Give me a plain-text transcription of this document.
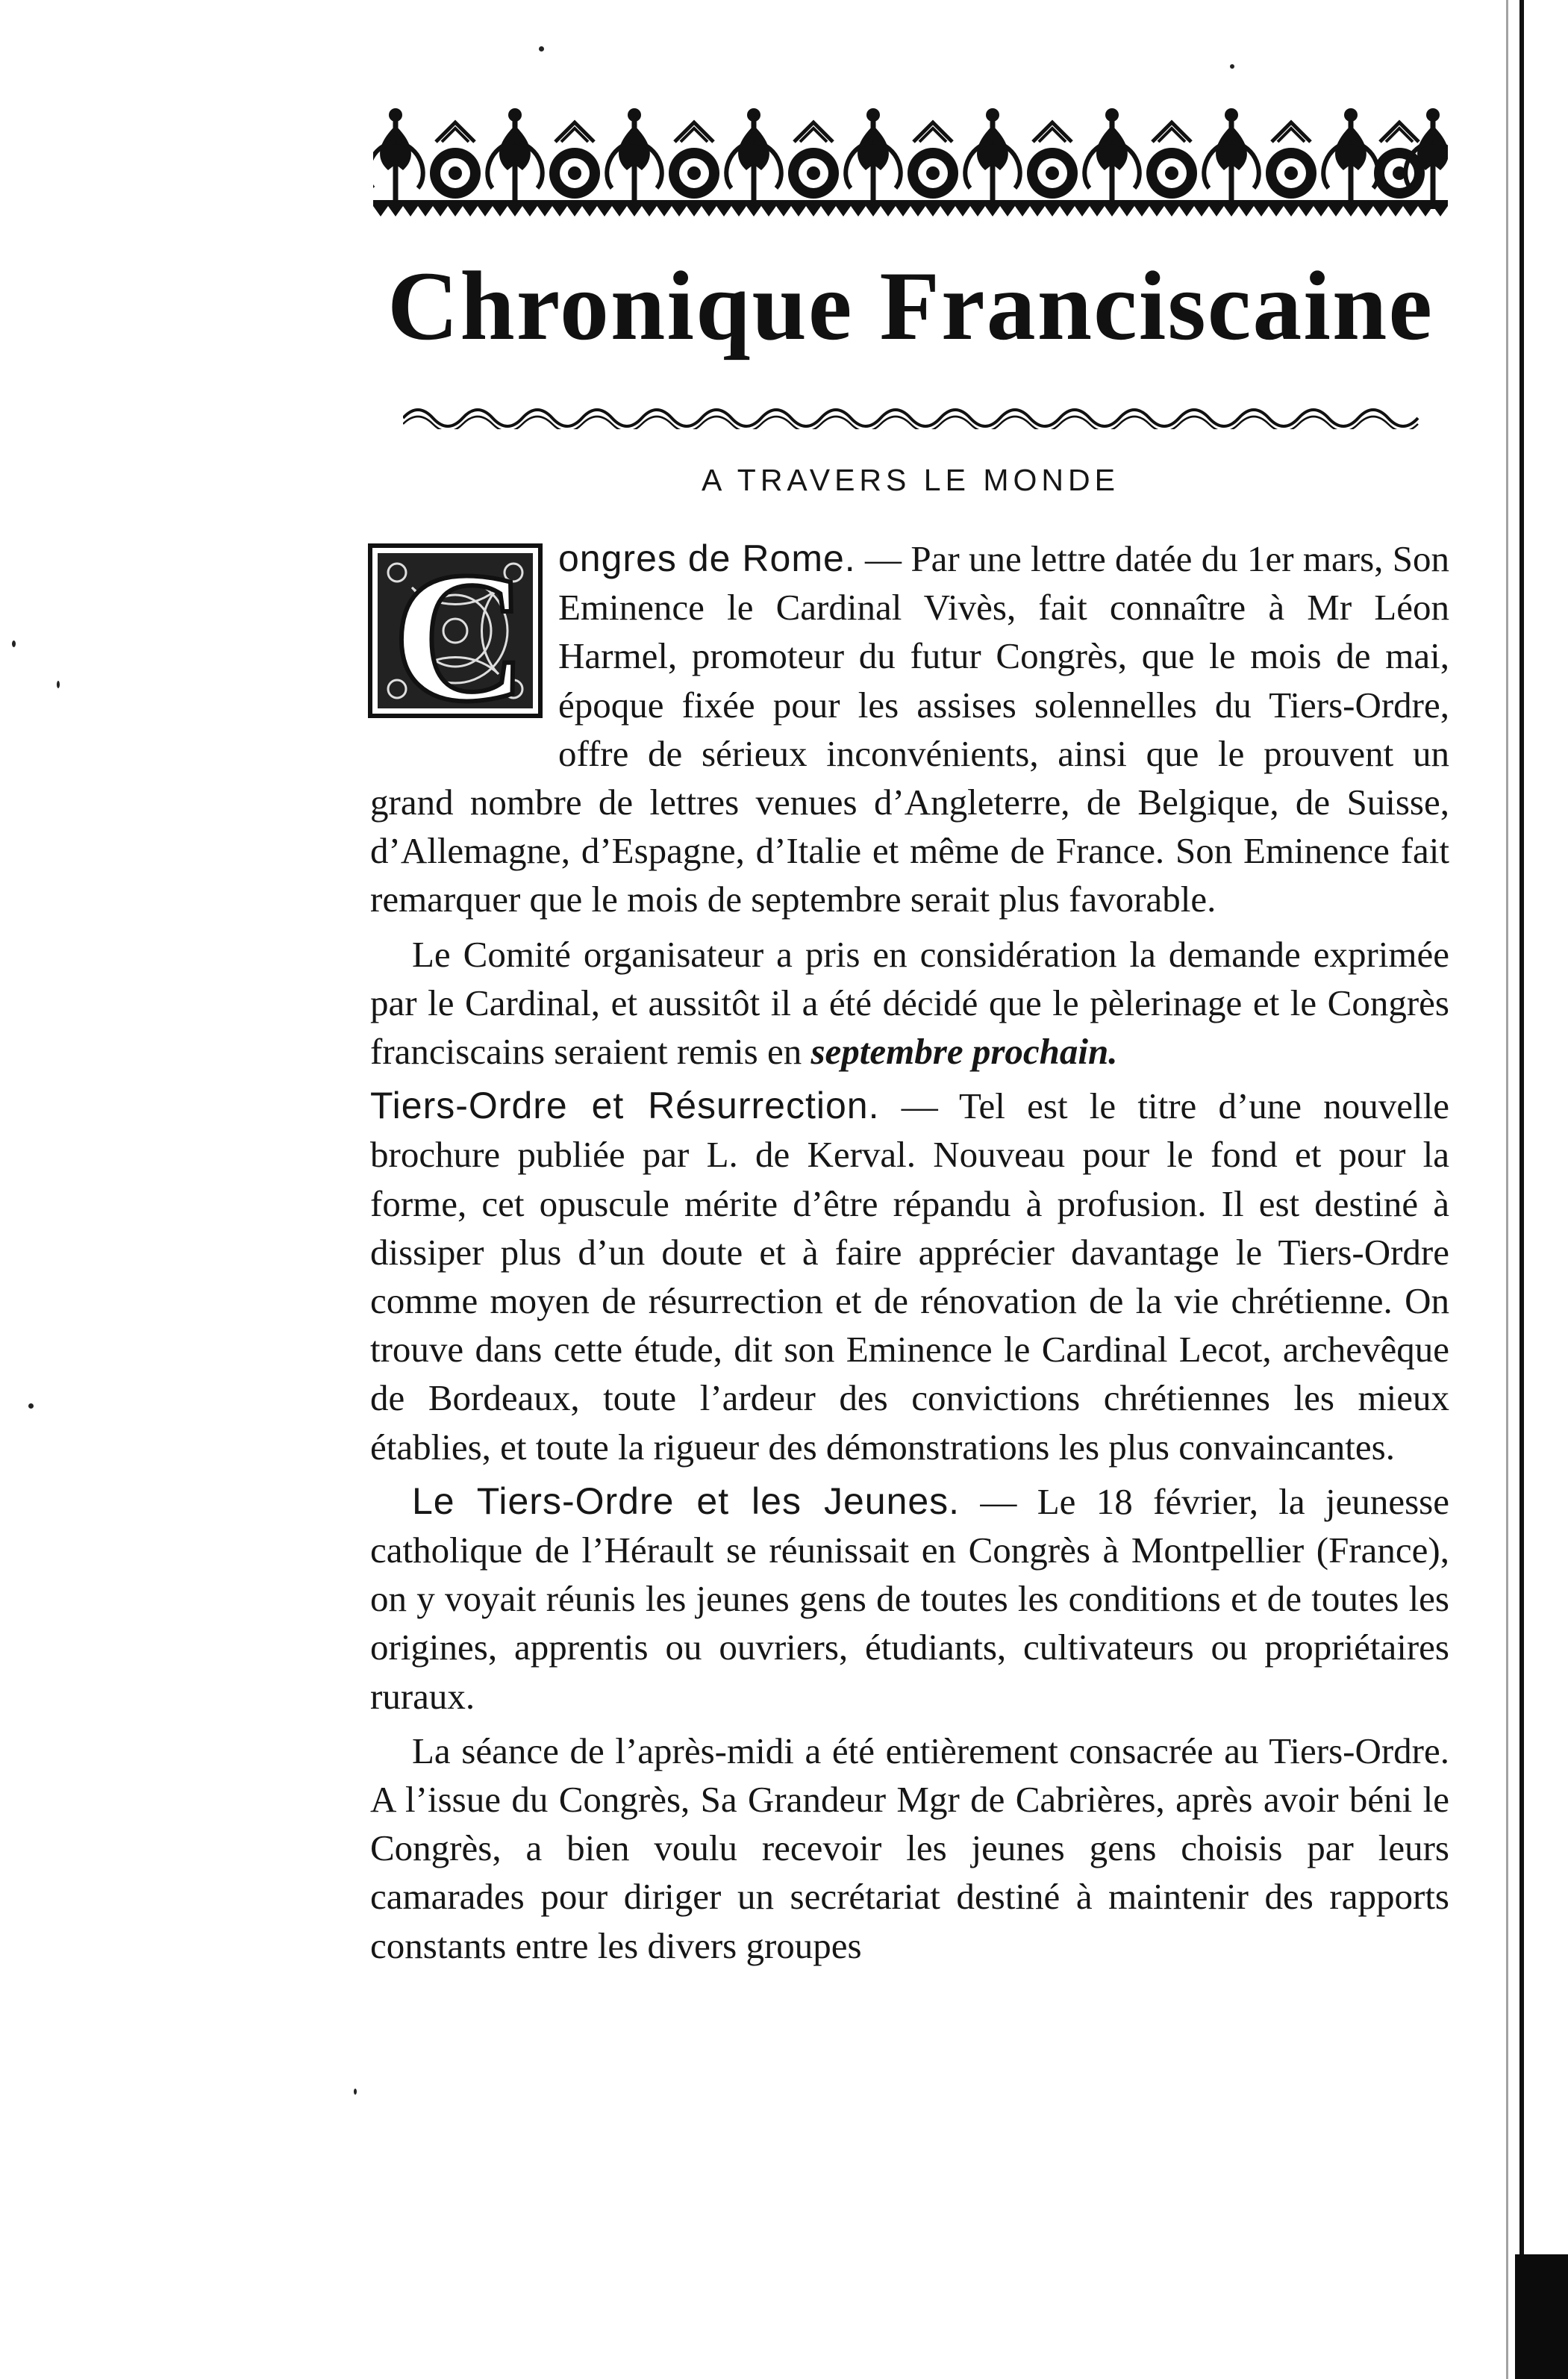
Chronique Franciscaine
A TRAVERS LE MONDE
C ongres de Rome. — Par une lettre datée du 1er mars, Son Eminence le Cardinal Vivès, fait connaître à Mr Léon Harmel, promoteur du futur Congrès, que le mois de mai, époque fixée pour les assises solennelles du Tiers-Ordre, offre de sérieux inconvénients, ainsi que le prouvent un grand nombre de lettres venues d’Angleterre, de Belgique, de Suisse, d’Allemagne, d’Espagne, d’Italie et même de France. Son Eminence fait remarquer que le mois de septembre serait plus favorable.

Le Comité organisateur a pris en considération la demande exprimée par le Cardinal, et aussitôt il a été décidé que le pèlerinage et le Congrès franciscains seraient remis en septembre prochain.

Tiers-Ordre et Résurrection. — Tel est le titre d’une nouvelle brochure publiée par L. de Kerval. Nouveau pour le fond et pour la forme, cet opuscule mérite d’être répandu à profusion. Il est destiné à dissiper plus d’un doute et à faire apprécier davantage le Tiers-Ordre comme moyen de résurrection et de rénovation de la vie chrétienne. On trouve dans cette étude, dit son Eminence le Cardinal Lecot, archevêque de Bordeaux, toute l’ardeur des convictions chrétiennes les mieux établies, et toute la rigueur des démonstrations les plus convaincantes.

Le Tiers-Ordre et les Jeunes. — Le 18 février, la jeunesse catholique de l’Hérault se réunissait en Congrès à Montpellier (France), on y voyait réunis les jeunes gens de toutes les conditions et de toutes les origines, apprentis ou ouvriers, étudiants, cultivateurs ou propriétaires ruraux.

La séance de l’après-midi a été entièrement consacrée au Tiers-Ordre. A l’issue du Congrès, Sa Grandeur Mgr de Cabrières, après avoir béni le Congrès, a bien voulu recevoir les jeunes gens choisis par leurs camarades pour diriger un secrétariat destiné à maintenir des rapports constants entre les divers groupes
